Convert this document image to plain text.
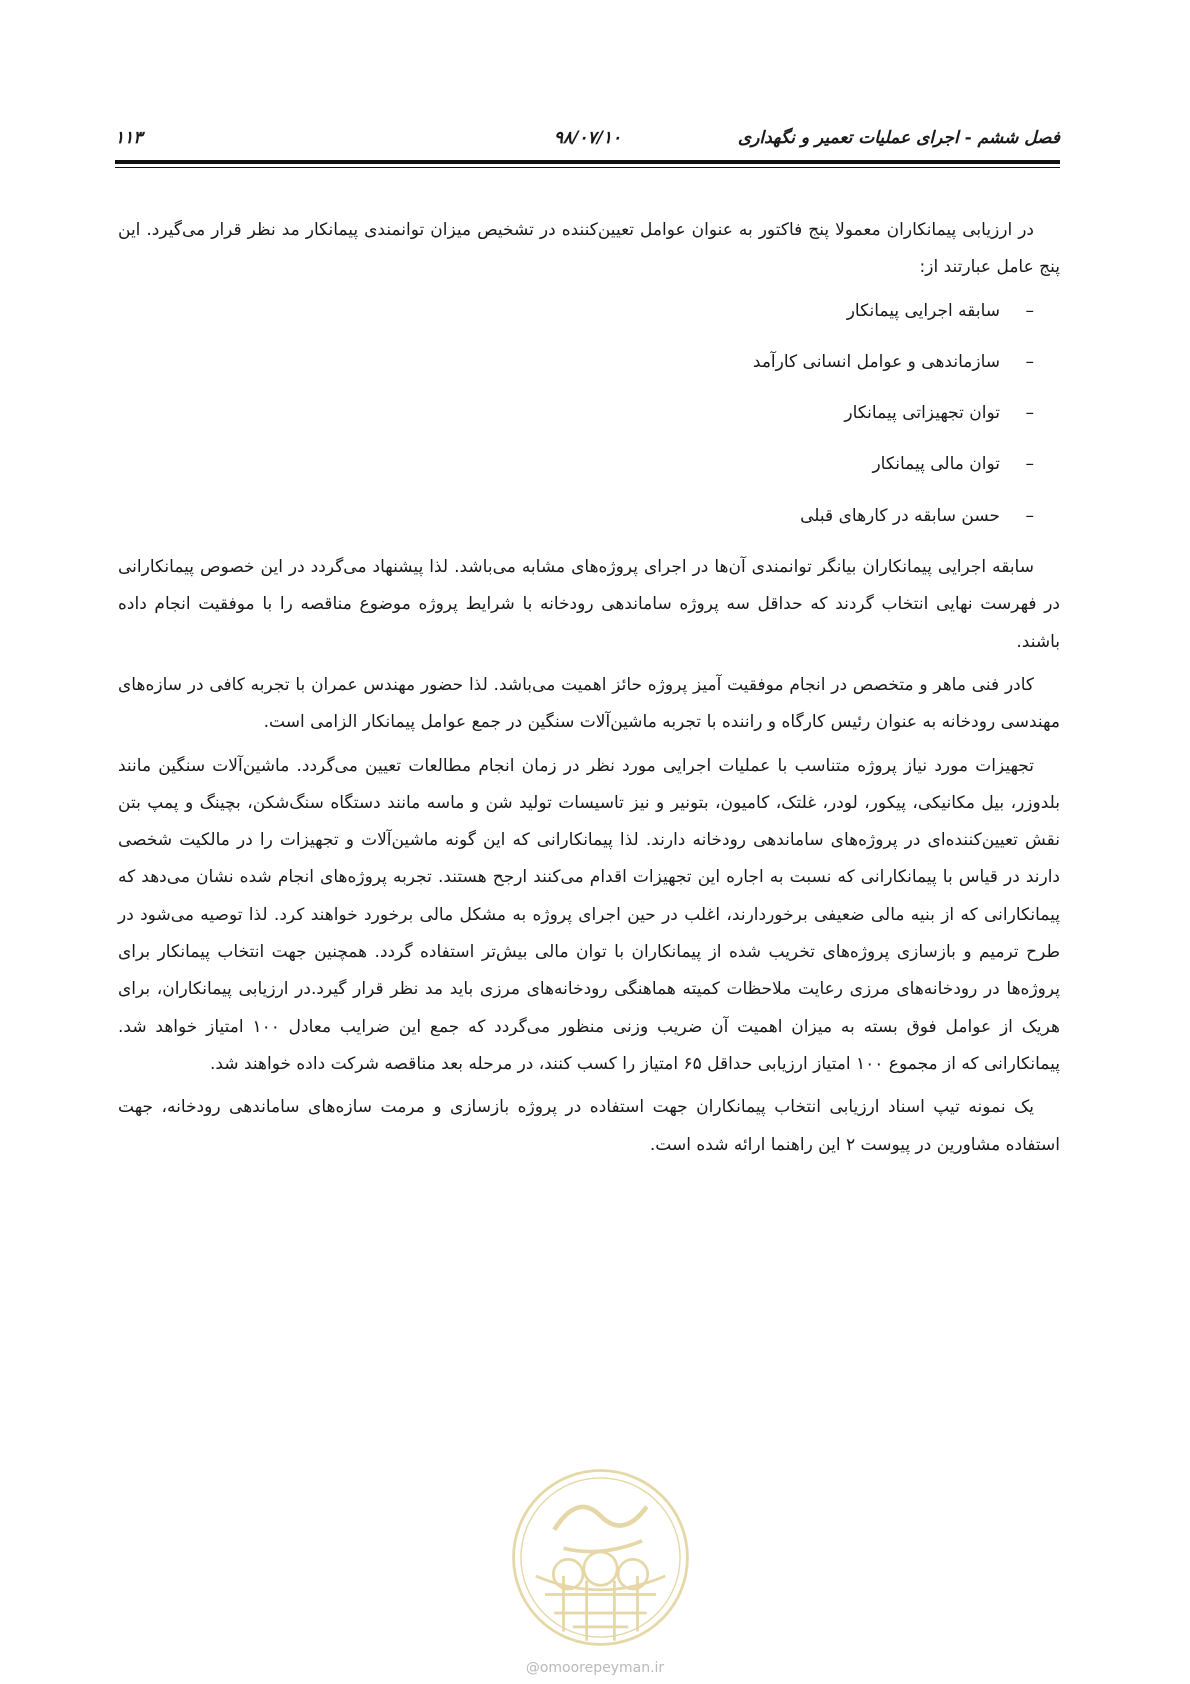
فصل ششم - اجرای عملیات تعمیر و نگهداری
۹۸/۰۷/۱۰
۱۱۳

در ارزیابی پیمانکاران معمولا پنج فاکتور به عنوان عوامل تعیین‌کننده در تشخیص میزان توانمندی پیمانکار مد نظر قرار می‌گیرد. این پنج عامل عبارتند از:

–سابقه اجرایی پیمانکار
–سازماندهی و عوامل انسانی کارآمد
–توان تجهیزاتی پیمانکار
–توان مالی پیمانکار
–حسن سابقه در کارهای قبلی

سابقه اجرایی پیمانکاران بیانگر توانمندی آن‌ها در اجرای پروژه‌های مشابه می‌باشد. لذا پیشنهاد می‌گردد در این خصوص پیمانکارانی در فهرست نهایی انتخاب گردند که حداقل سه پروژه ساماندهی رودخانه با شرایط پروژه موضوع مناقصه را با موفقیت انجام داده باشند.

کادر فنی ماهر و متخصص در انجام موفقیت آمیز پروژه حائز اهمیت می‌باشد. لذا حضور مهندس عمران با تجربه کافی در سازه‌های مهندسی رودخانه به عنوان رئیس کارگاه و راننده با تجربه ماشین‌آلات سنگین در جمع عوامل پیمانکار الزامی است.

تجهیزات مورد نیاز پروژه متناسب با عملیات اجرایی مورد نظر در زمان انجام مطالعات تعیین می‌گردد. ماشین‌آلات سنگین مانند بلدوزر، بیل مکانیکی، پیکور، لودر، غلتک، کامیون، بتونیر و نیز تاسیسات تولید شن و ماسه مانند دستگاه سنگ‌شکن، بچینگ و پمپ بتن نقش تعیین‌کننده‌ای در پروژه‌های ساماندهی رودخانه دارند. لذا پیمانکارانی که این گونه ماشین‌آلات و تجهیزات را در مالکیت شخصی دارند در قیاس با پیمانکارانی که نسبت به اجاره این تجهیزات اقدام می‌کنند ارجح هستند. تجربه پروژه‌های انجام شده نشان می‌دهد که پیمانکارانی که از بنیه مالی ضعیفی برخوردارند، اغلب در حین اجرای پروژه به مشکل مالی برخورد خواهند کرد. لذا توصیه می‌شود در طرح ترمیم و بازسازی پروژه‌های تخریب شده از پیمانکاران با توان مالی بیش‌تر استفاده گردد. همچنین جهت انتخاب پیمانکار برای پروژه‌ها در رودخانه‌های مرزی رعایت ملاحظات کمیته هماهنگی رودخانه‌های مرزی باید مد نظر قرار گیرد.در ارزیابی پیمانکاران، برای هریک از عوامل فوق بسته به میزان اهمیت آن ضریب وزنی منظور می‌گردد که جمع این ضرایب معادل ۱۰۰ امتیاز خواهد شد. پیمانکارانی که از مجموع ۱۰۰ امتیاز ارزیابی حداقل ۶۵ امتیاز را کسب کنند، در مرحله بعد مناقصه شرکت داده خواهند شد.

یک نمونه تیپ اسناد ارزیابی انتخاب پیمانکاران جهت استفاده در پروژه بازسازی و مرمت سازه‌های ساماندهی رودخانه، جهت استفاده مشاورین در پیوست ۲ این راهنما ارائه شده است.

@omoorepeyman.ir
